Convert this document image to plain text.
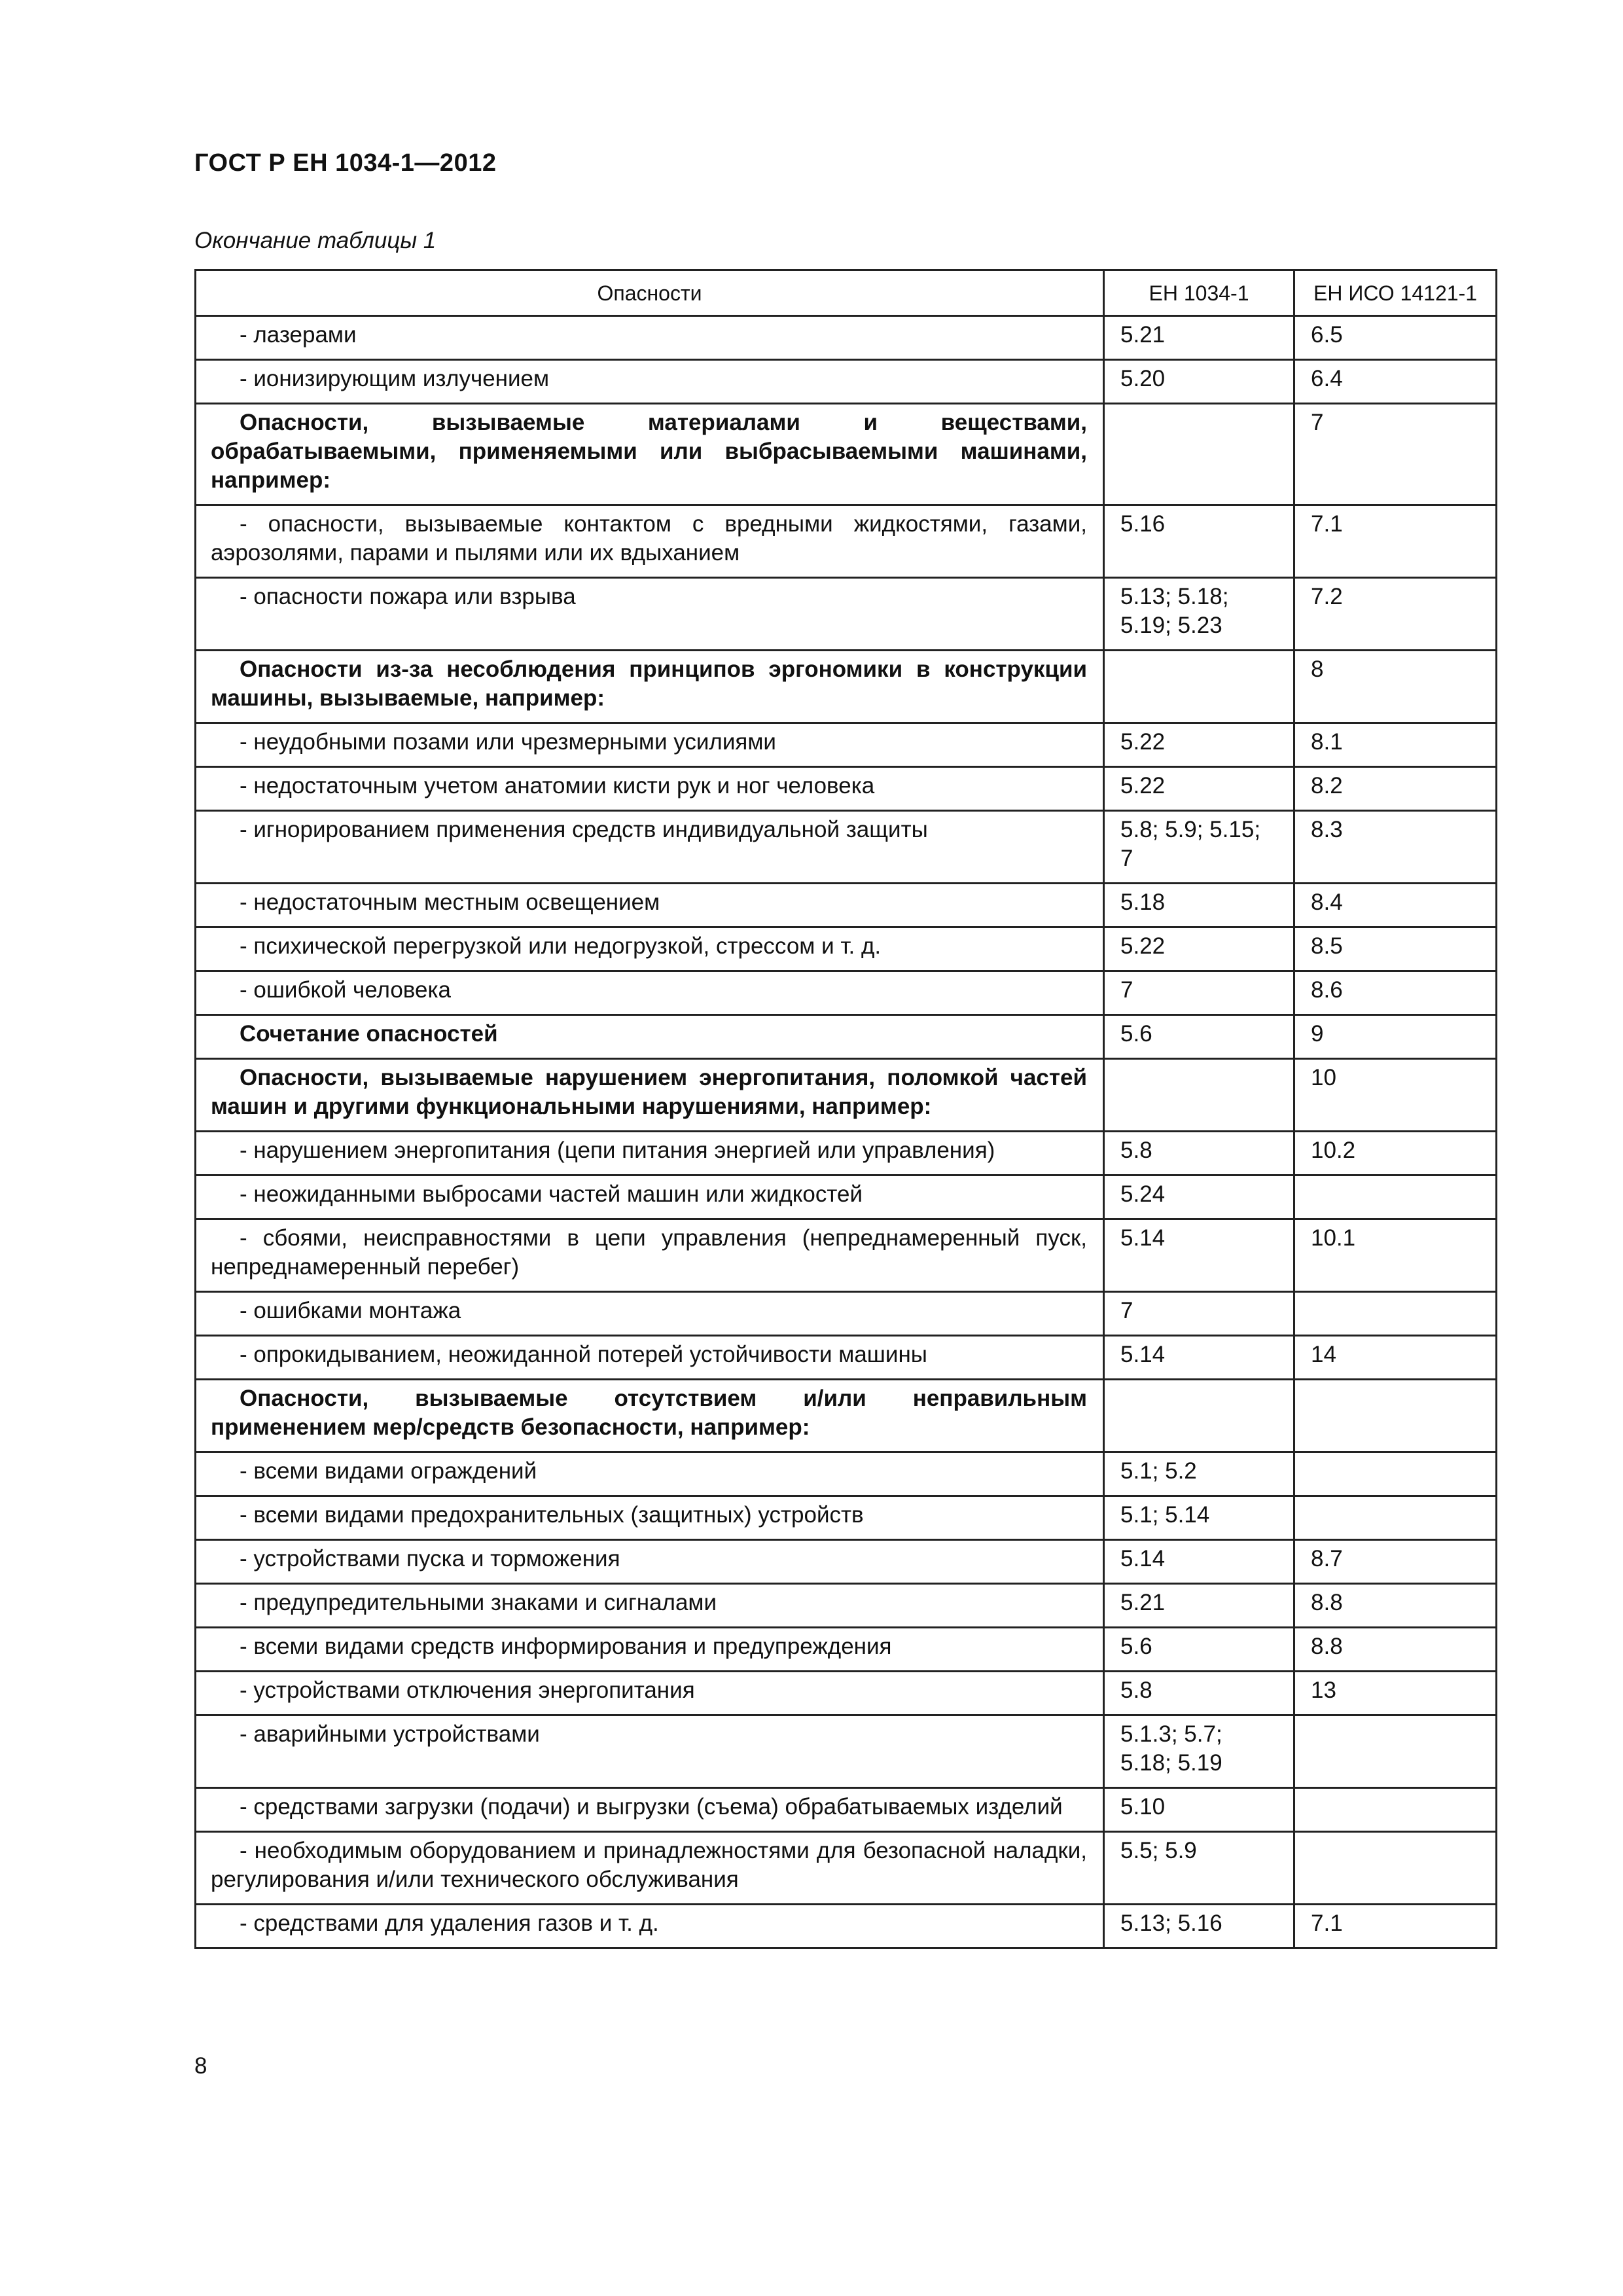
ГОСТ Р ЕН 1034-1—2012
Окончание таблицы 1
Опасности	ЕН 1034-1	ЕН ИСО 14121-1
- лазерами	5.21	6.5
- ионизирующим излучением	5.20	6.4
Опасности, вызываемые материалами и веществами, обрабатываемыми, применяемыми или выбрасываемыми машинами, например:		7
- опасности, вызываемые контактом с вредными жидкостями, газами, аэрозолями, парами и пылями или их вдыханием	5.16	7.1
- опасности пожара или взрыва	5.13; 5.18; 5.19; 5.23	7.2
Опасности из-за несоблюдения принципов эргономики в конструкции машины, вызываемые, например:		8
- неудобными позами или чрезмерными усилиями	5.22	8.1
- недостаточным учетом анатомии кисти рук и ног человека	5.22	8.2
- игнорированием применения средств индивидуальной защиты	5.8; 5.9; 5.15; 7	8.3
- недостаточным местным освещением	5.18	8.4
- психической перегрузкой или недогрузкой, стрессом и т. д.	5.22	8.5
- ошибкой человека	7	8.6
Сочетание опасностей	5.6	9
Опасности, вызываемые нарушением энергопитания, поломкой частей машин и другими функциональными нарушениями, например:		10
- нарушением энергопитания (цепи питания энергией или управления)	5.8	10.2
- неожиданными выбросами частей машин или жидкостей	5.24	
- сбоями, неисправностями в цепи управления (непреднамеренный пуск, непреднамеренный перебег)	5.14	10.1
- ошибками монтажа	7	
- опрокидыванием, неожиданной потерей устойчивости машины	5.14	14
Опасности, вызываемые отсутствием и/или неправильным применением мер/средств безопасности, например:		
- всеми видами ограждений	5.1; 5.2	
- всеми видами предохранительных (защитных) устройств	5.1; 5.14	
- устройствами пуска и торможения	5.14	8.7
- предупредительными знаками и сигналами	5.21	8.8
- всеми видами средств информирования и предупреждения	5.6	8.8
- устройствами отключения энергопитания	5.8	13
- аварийными устройствами	5.1.3; 5.7; 5.18; 5.19	
- средствами загрузки (подачи) и выгрузки (съема) обрабатываемых изделий	5.10	
- необходимым оборудованием и принадлежностями для безопасной наладки, регулирования и/или технического обслуживания	5.5; 5.9	
- средствами для удаления газов и т. д.	5.13; 5.16	7.1
8
